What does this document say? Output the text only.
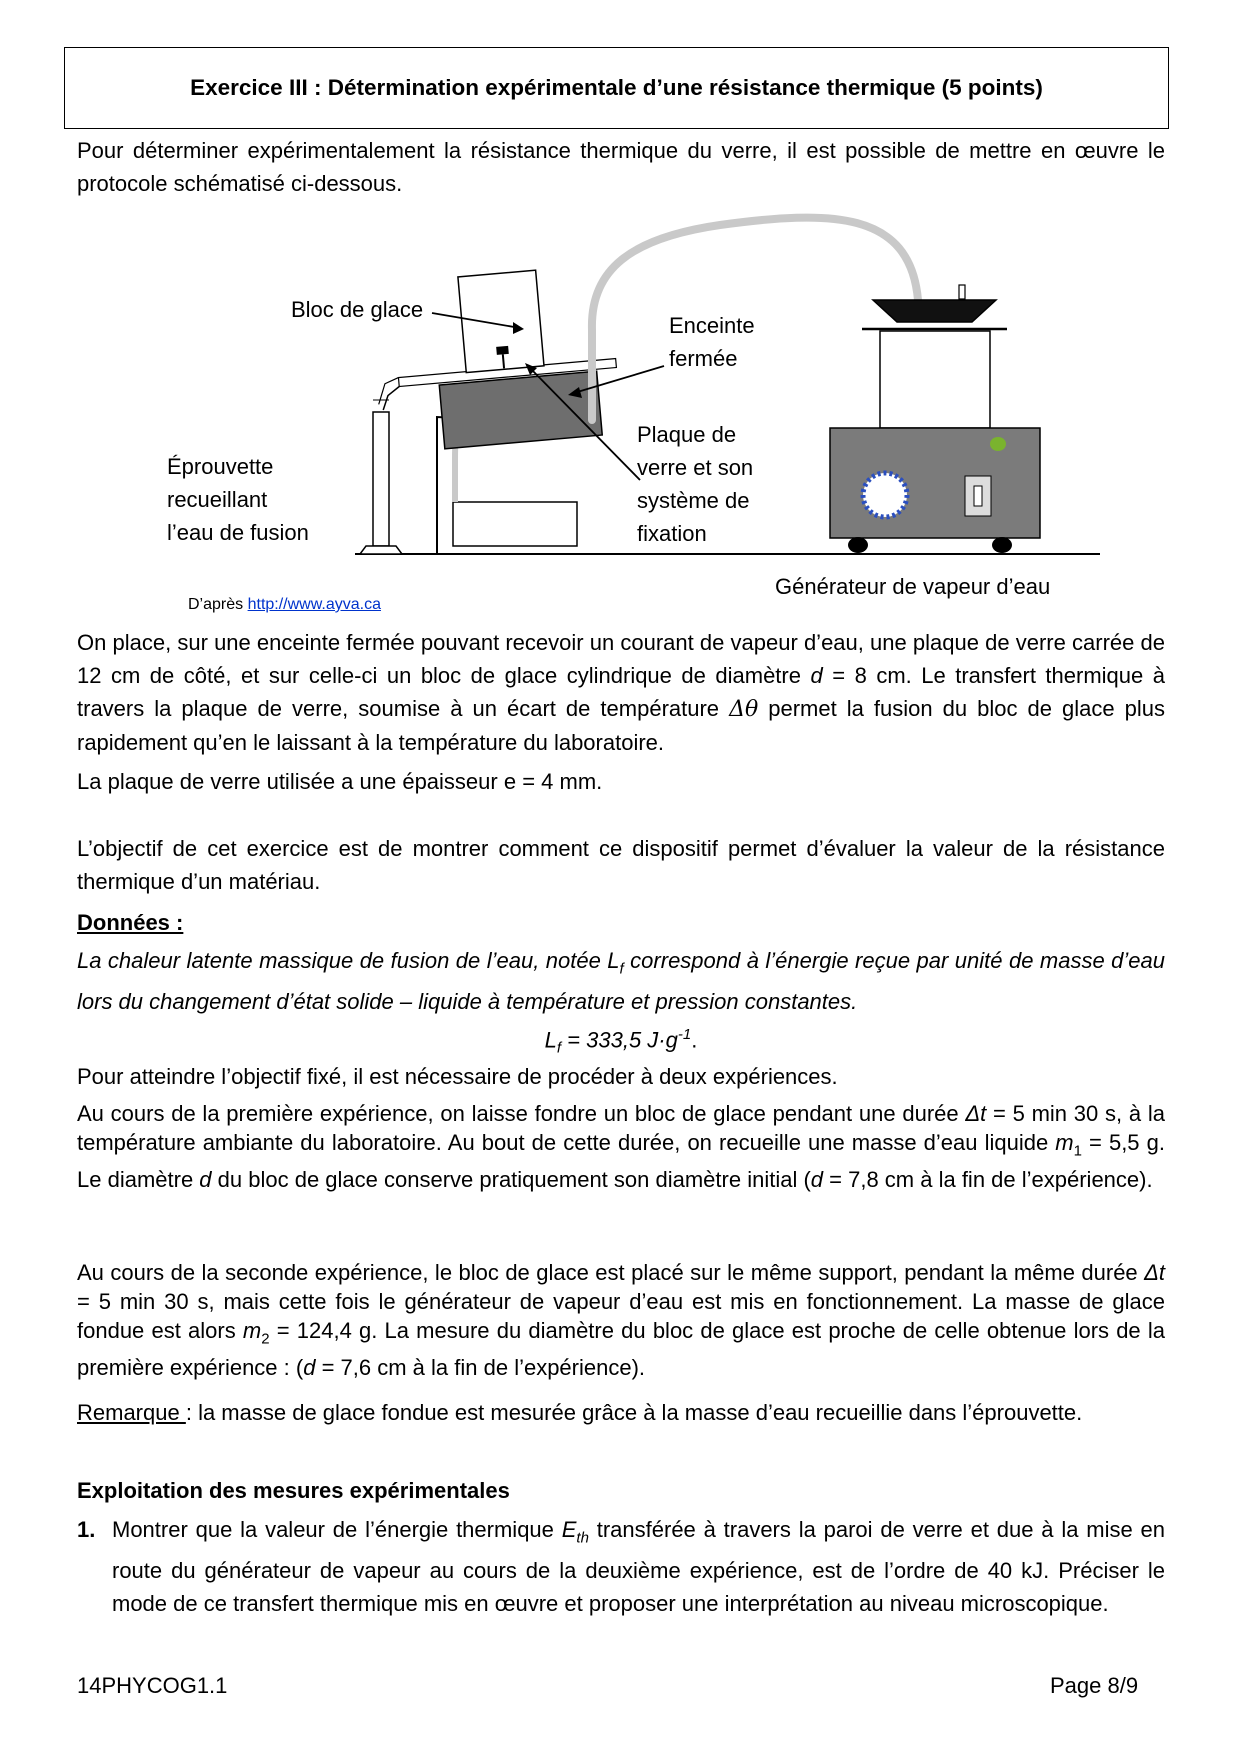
Exercice III : Détermination expérimentale d’une résistance thermique (5 points)
Pour déterminer expérimentalement la résistance thermique du verre, il est possible de mettre en œuvre le protocole schématisé ci-dessous.
Bloc de glace
Enceinte
fermée
Plaque de
verre et son
système de
fixation
Éprouvette
recueillant
l’eau de fusion
Générateur de vapeur d’eau
D’après http://www.ayva.ca
On place, sur une enceinte fermée pouvant recevoir un courant de vapeur d’eau, une plaque de verre carrée de 12 cm de côté, et sur celle-ci un bloc de glace cylindrique de diamètre d = 8 cm. Le transfert thermique à travers la plaque de verre, soumise à un écart de température Δθ permet la fusion du bloc de glace plus rapidement qu’en le laissant à la température du laboratoire.
La plaque de verre utilisée a une épaisseur e = 4 mm.
L’objectif de cet exercice est de montrer comment ce dispositif permet d’évaluer la valeur de la résistance thermique d’un matériau.
Données :
La chaleur latente massique de fusion de l’eau, notée $L_f$ correspond à l’énergie reçue par unité de masse d’eau lors du changement d’état solide – liquide à température et pression constantes.
$L_f = 333,5$ $J\cdot g^{-1}$.
Pour atteindre l’objectif fixé, il est nécessaire de procéder à deux expériences.
Au cours de la première expérience, on laisse fondre un bloc de glace pendant une durée Δt = 5 min 30 s, à la température ambiante du laboratoire. Au bout de cette durée, on recueille une masse d’eau liquide $m_1 = 5,5$ g. Le diamètre d du bloc de glace conserve pratiquement son diamètre initial (d = 7,8 cm à la fin de l’expérience).
Au cours de la seconde expérience, le bloc de glace est placé sur le même support, pendant la même durée Δt = 5 min 30 s, mais cette fois le générateur de vapeur d’eau est mis en fonctionnement. La masse de glace fondue est alors $m_2 = 124,4$ g. La mesure du diamètre du bloc de glace est proche de celle obtenue lors de la première expérience : (d = 7,6 cm à la fin de l’expérience).
Remarque : la masse de glace fondue est mesurée grâce à la masse d’eau recueillie dans l’éprouvette.
Exploitation des mesures expérimentales
1. Montrer que la valeur de l’énergie thermique $E_{th}$ transférée à travers la paroi de verre et due à la mise en route du générateur de vapeur au cours de la deuxième expérience, est de l’ordre de 40 kJ. Préciser le mode de ce transfert thermique mis en œuvre et proposer une interprétation au niveau microscopique.
14PHYCOG1.1	Page 8/9
